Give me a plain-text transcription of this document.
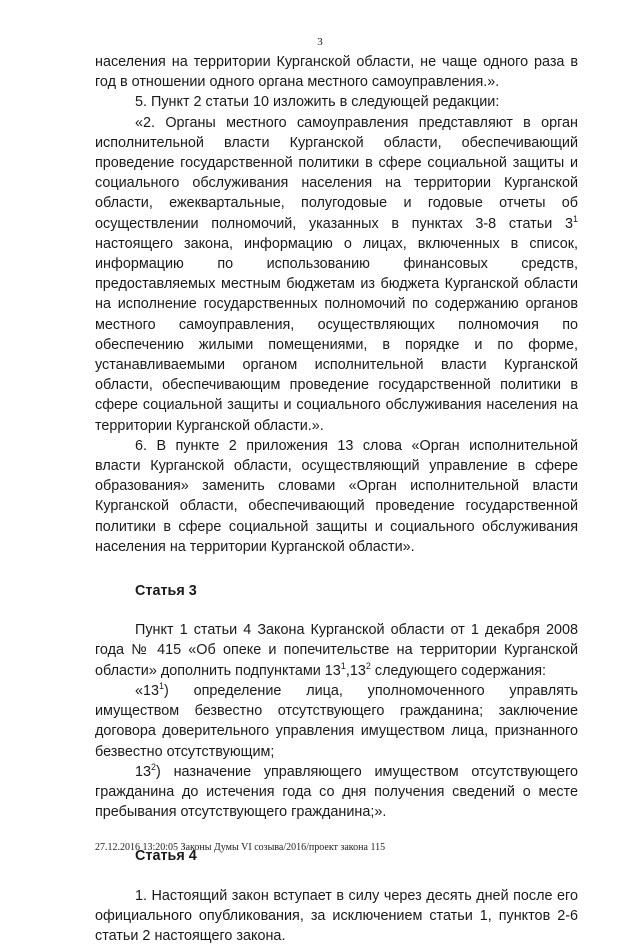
3

населения на территории Курганской области, не чаще одного раза в год в отношении одного органа местного самоуправления.».

5. Пункт 2 статьи 10 изложить в следующей редакции:

«2. Органы местного самоуправления представляют в орган исполнительной власти Курганской области, обеспечивающий проведение государственной политики в сфере социальной защиты и социального обслуживания населения на территории Курганской области, ежеквартальные, полугодовые и годовые отчеты об осуществлении полномочий, указанных в пунктах 3-8 статьи $3^1$ настоящего закона, информацию о лицах, включенных в список, информацию по использованию финансовых средств, предоставляемых местным бюджетам из бюджета Курганской области на исполнение государственных полномочий по содержанию органов местного самоуправления, осуществляющих полномочия по обеспечению жилыми помещениями, в порядке и по форме, устанавливаемыми органом исполнительной власти Курганской области, обеспечивающим проведение государственной политики в сфере социальной защиты и социального обслуживания населения на территории Курганской области.».

6. В пункте 2 приложения 13 слова «Орган исполнительной власти Курганской области, осуществляющий управление в сфере образования» заменить словами «Орган исполнительной власти Курганской области, обеспечивающий проведение государственной политики в сфере социальной защиты и социального обслуживания населения на территории Курганской области».

Статья 3

Пункт 1 статьи 4 Закона Курганской области от 1 декабря 2008 года № 415 «Об опеке и попечительстве на территории Курганской области» дополнить подпунктами $13^1,13^2$ следующего содержания:

«$13^1$) определение лица, уполномоченного управлять имуществом безвестно отсутствующего гражданина; заключение договора доверительного управления имуществом лица, признанного безвестно отсутствующим;

$13^2$) назначение управляющего имуществом отсутствующего гражданина до истечения года со дня получения сведений о месте пребывания отсутствующего гражданина;».

Статья 4

1. Настоящий закон вступает в силу через десять дней после его официального опубликования, за исключением статьи 1, пунктов 2-6 статьи 2 настоящего закона.

27.12.2016 13:20:05 Законы Думы VI созыва/2016/проект закона 115
